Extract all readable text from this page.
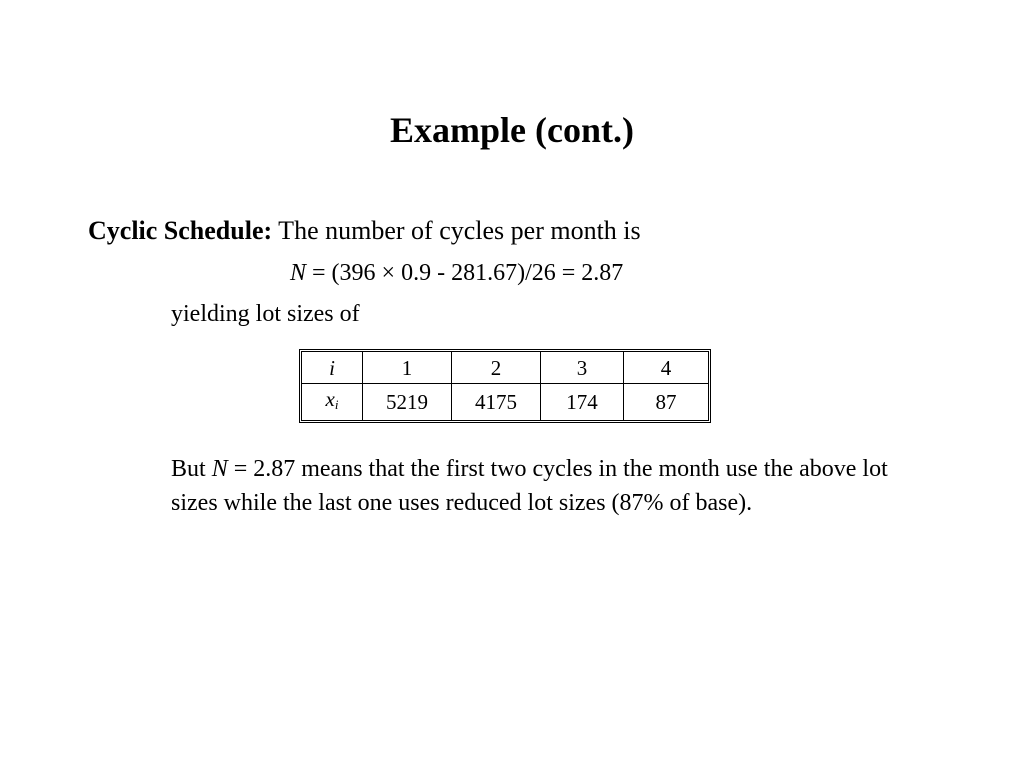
Example (cont.)
Cyclic Schedule: The number of cycles per month is
N = (396 × 0.9 - 281.67)/26 = 2.87
yielding lot sizes of
i	1	2	3	4
$x_i$	5219	4175	174	87
But N = 2.87 means that the first two cycles in the month use the above lot sizes while the last one uses reduced lot sizes (87% of base).
